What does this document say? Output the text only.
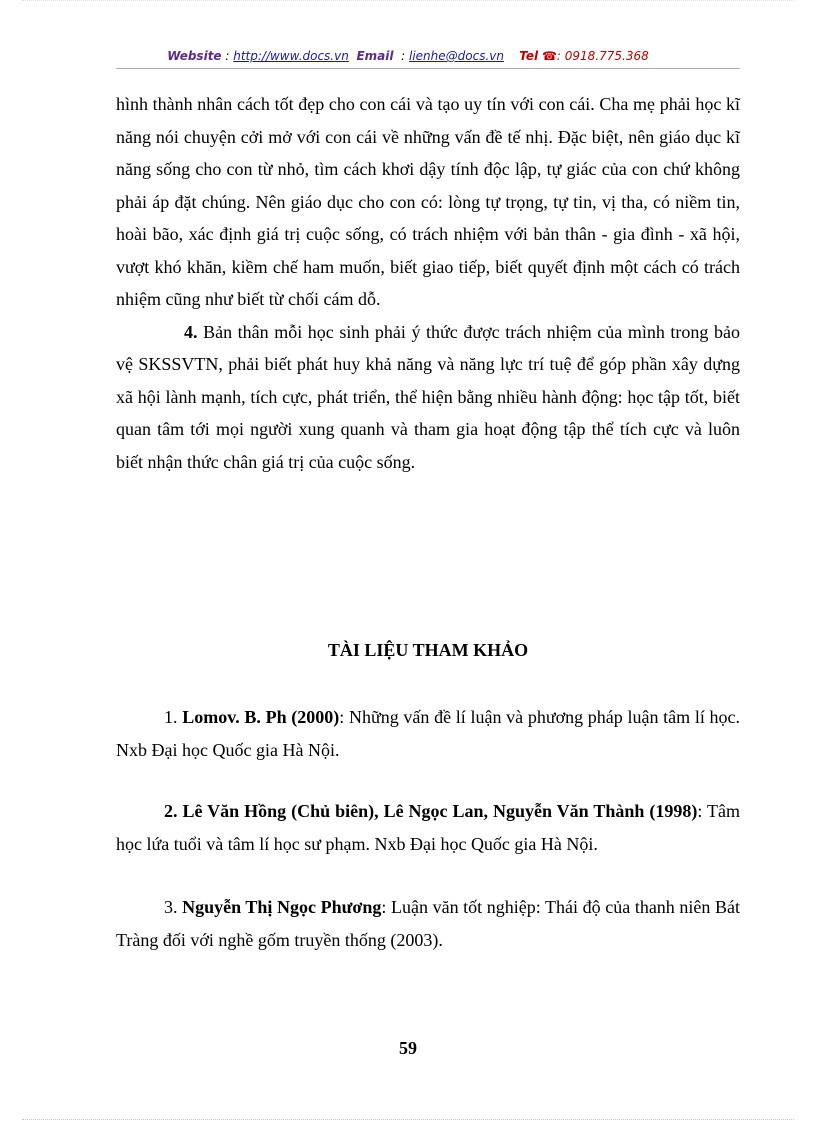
Website : http://www.docs.vn Email  : lienhe@docs.vn Tel ☎: 0918.775.368

hình thành nhân cách tốt đẹp cho con cái và tạo uy tín với con cái. Cha mẹ phải học kĩ năng nói chuyện cởi mở với con cái về những vấn đề tế nhị. Đặc biệt, nên giáo dục kĩ năng sống cho con từ nhỏ, tìm cách khơi dậy tính độc lập, tự giác của con chứ không phải áp đặt chúng. Nên giáo dục cho con có: lòng tự trọng, tự tin, vị tha, có niềm tin, hoài bão, xác định giá trị cuộc sống, có trách nhiệm với bản thân - gia đình - xã hội, vượt khó khăn, kiềm chế ham muốn, biết giao tiếp, biết quyết định một cách có trách nhiệm cũng như biết từ chối cám dỗ.

4. Bản thân mỗi học sinh phải ý thức được trách nhiệm của mình trong bảo vệ SKSSVTN, phải biết phát huy khả năng và năng lực trí tuệ để góp phần xây dựng xã hội lành mạnh, tích cực, phát triển, thể hiện bằng nhiều hành động: học tập tốt, biết quan tâm tới mọi người xung quanh và tham gia hoạt động tập thể tích cực và luôn biết nhận thức chân giá trị của cuộc sống.

TÀI LIỆU THAM KHẢO

1. Lomov. B. Ph (2000): Những vấn đề lí luận và phương pháp luận tâm lí học. Nxb Đại học Quốc gia Hà Nội.

2. Lê Văn Hồng (Chủ biên), Lê Ngọc Lan, Nguyễn Văn Thành (1998): Tâm học lứa tuổi và tâm lí học sư phạm. Nxb Đại học Quốc gia Hà Nội.

3. Nguyễn Thị Ngọc Phương: Luận văn tốt nghiệp: Thái độ của thanh niên Bát Tràng đối với nghề gốm truyền thống (2003).

59
